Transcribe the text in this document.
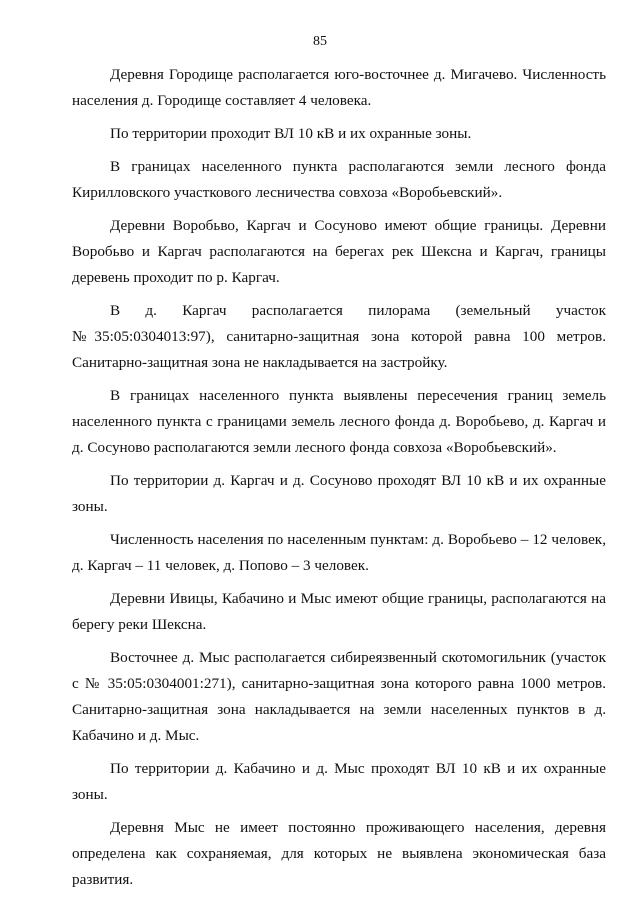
85

Деревня Городище располагается юго-восточнее д. Мигачево. Численность населения д. Городище составляет 4 человека.

По территории проходит ВЛ 10 кВ и их охранные зоны.

В границах населенного пункта располагаются земли лесного фонда Кирилловского участкового лесничества совхоза «Воробьевский».

Деревни Воробьво, Каргач и Сосуново имеют общие границы. Деревни Воробьво и Каргач располагаются на берегах рек Шексна и Каргач, границы деревень проходит по р. Каргач.

В д. Каргач располагается пилорама (земельный участок №35:05:0304013:97), санитарно-защитная зона которой равна 100 метров. Санитарно-защитная зона не накладывается на застройку.

В границах населенного пункта выявлены пересечения границ земель населенного пункта с границами земель лесного фонда д. Воробьево, д. Каргач и д. Сосуново располагаются земли лесного фонда совхоза «Воробьевский».

По территории д. Каргач и д. Сосуново проходят ВЛ 10 кВ и их охранные зоны.

Численность населения по населенным пунктам: д. Воробьево – 12 человек, д. Каргач – 11 человек, д. Попово – 3 человек.

Деревни Ивицы, Кабачино и Мыс имеют общие границы, располагаются на берегу реки Шексна.

Восточнее д. Мыс располагается сибиреязвенный скотомогильник (участок с № 35:05:0304001:271), санитарно-защитная зона которого равна 1000 метров. Санитарно-защитная зона накладывается на земли населенных пунктов в д. Кабачино и д. Мыс.

По территории д. Кабачино и д. Мыс проходят ВЛ 10 кВ и их охранные зоны.

Деревня Мыс не имеет постоянно проживающего населения, деревня определена как сохраняемая, для которых не выявлена экономическая база развития.
